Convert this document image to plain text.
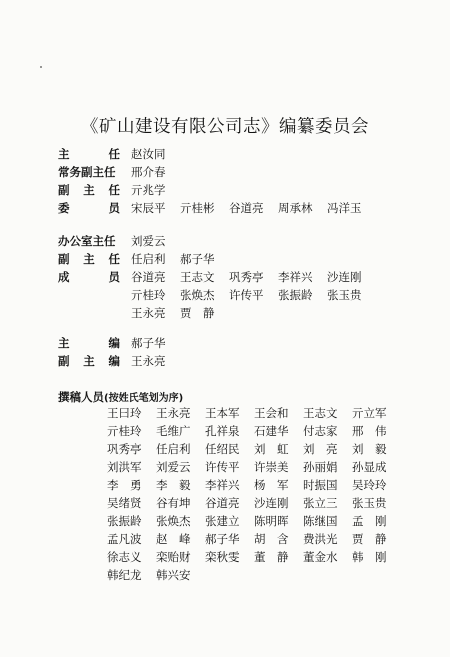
《矿山建设有限公司志》编纂委员会
主	任 赵汝同
常务副主任 邢介春
副 主 任 亓兆学
委	员 宋辰平 亓桂彬 谷道亮 周承林 冯洋玉
办公室主任 刘爱云
副 主 任 任启利 郝子华
成	员 谷道亮 王志文 巩秀亭 李祥兴 沙连刚
亓桂玲 张焕杰 许传平 张振龄 张玉贵
王永亮 贾　静
主	编 郝子华
副 主 编 王永亮
撰稿人员(按姓氏笔划为序)
王曰玲 王永亮 王本军 王会和 王志文 亓立军
亓桂玲 毛维广 孔祥泉 石建华 付志家 邢　伟
巩秀亭 任启利 任绍民 刘　虹 刘　亮 刘　毅
刘洪军 刘爱云 许传平 许崇美 孙丽娟 孙显成
李　勇 李　毅 李祥兴 杨　军 时振国 吴玲玲
吴绪贤 谷有坤 谷道亮 沙连刚 张立三 张玉贵
张振龄 张焕杰 张建立 陈明晖 陈继国 孟　刚
孟凡波 赵　峰 郝子华 胡　含 费洪光 贾　静
徐志义 栾贻财 栾秋雯 董　静 董金水 韩　刚
韩纪龙 韩兴安
